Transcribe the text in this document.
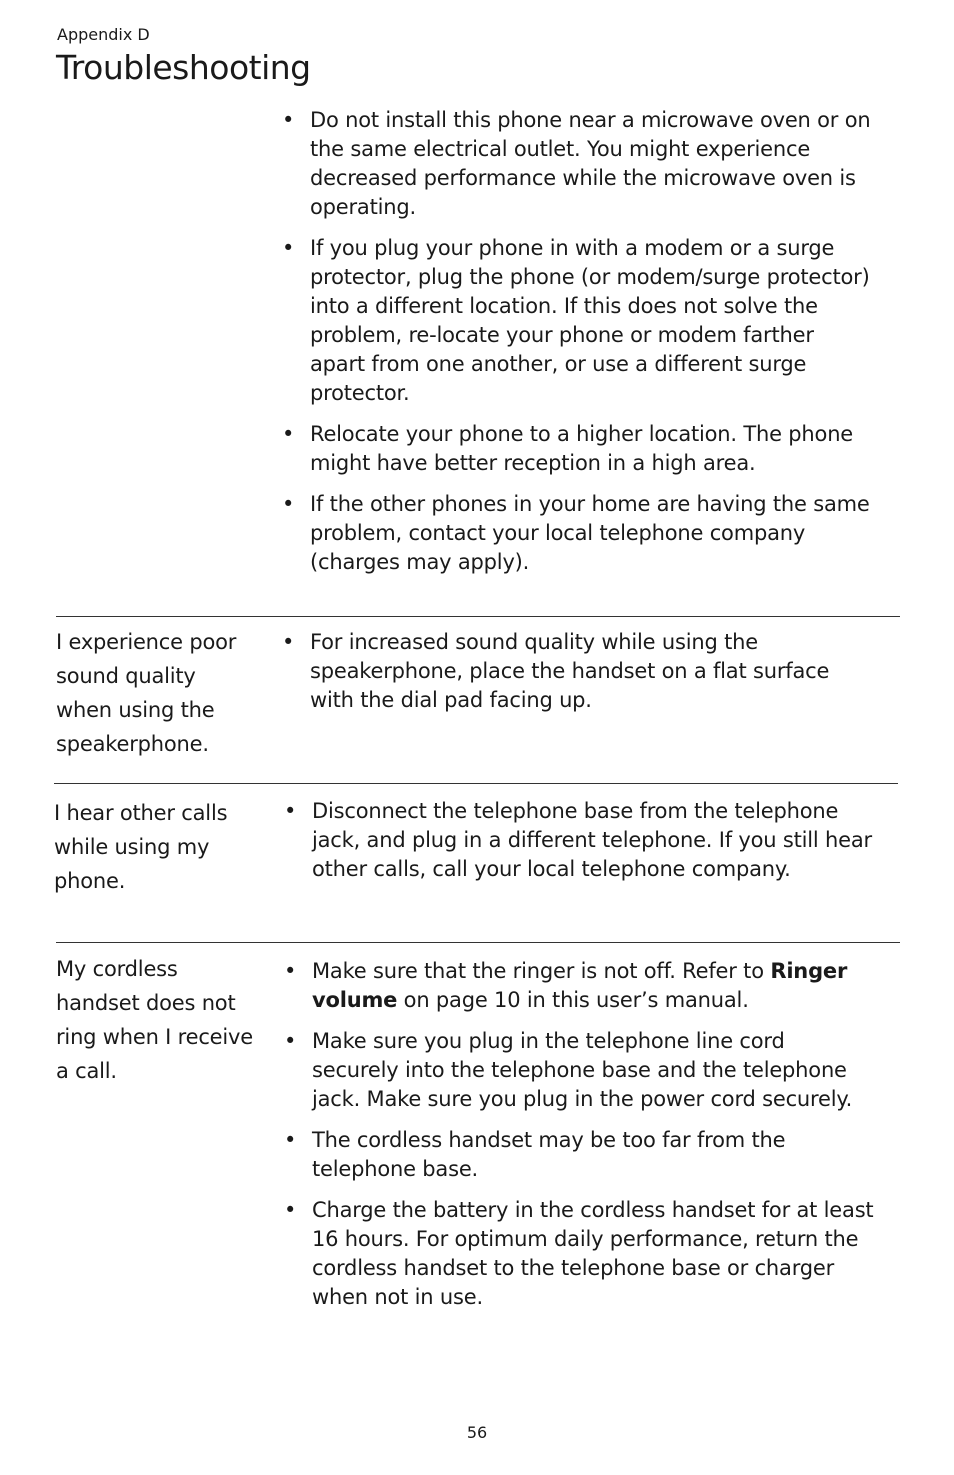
Appendix D
Troubleshooting
• Do not install this phone near a microwave oven or on the same electrical outlet. You might experience decreased performance while the microwave oven is operating.
• If you plug your phone in with a modem or a surge protector, plug the phone (or modem/surge protector) into a different location. If this does not solve the problem, re-locate your phone or modem farther apart from one another, or use a different surge protector.
• Relocate your phone to a higher location. The phone might have better reception in a high area.
• If the other phones in your home are having the same problem, contact your local telephone company (charges may apply).
I experience poor sound quality when using the speakerphone.
• For increased sound quality while using the speakerphone, place the handset on a flat surface with the dial pad facing up.
I hear other calls while using my phone.
• Disconnect the telephone base from the telephone jack, and plug in a different telephone. If you still hear other calls, call your local telephone company.
My cordless handset does not ring when I receive a call.
• Make sure that the ringer is not off. Refer to Ringer volume on page 10 in this user’s manual.
• Make sure you plug in the telephone line cord securely into the telephone base and the telephone jack. Make sure you plug in the power cord securely.
• The cordless handset may be too far from the telephone base.
• Charge the battery in the cordless handset for at least 16 hours. For optimum daily performance, return the cordless handset to the telephone base or charger when not in use.
56
